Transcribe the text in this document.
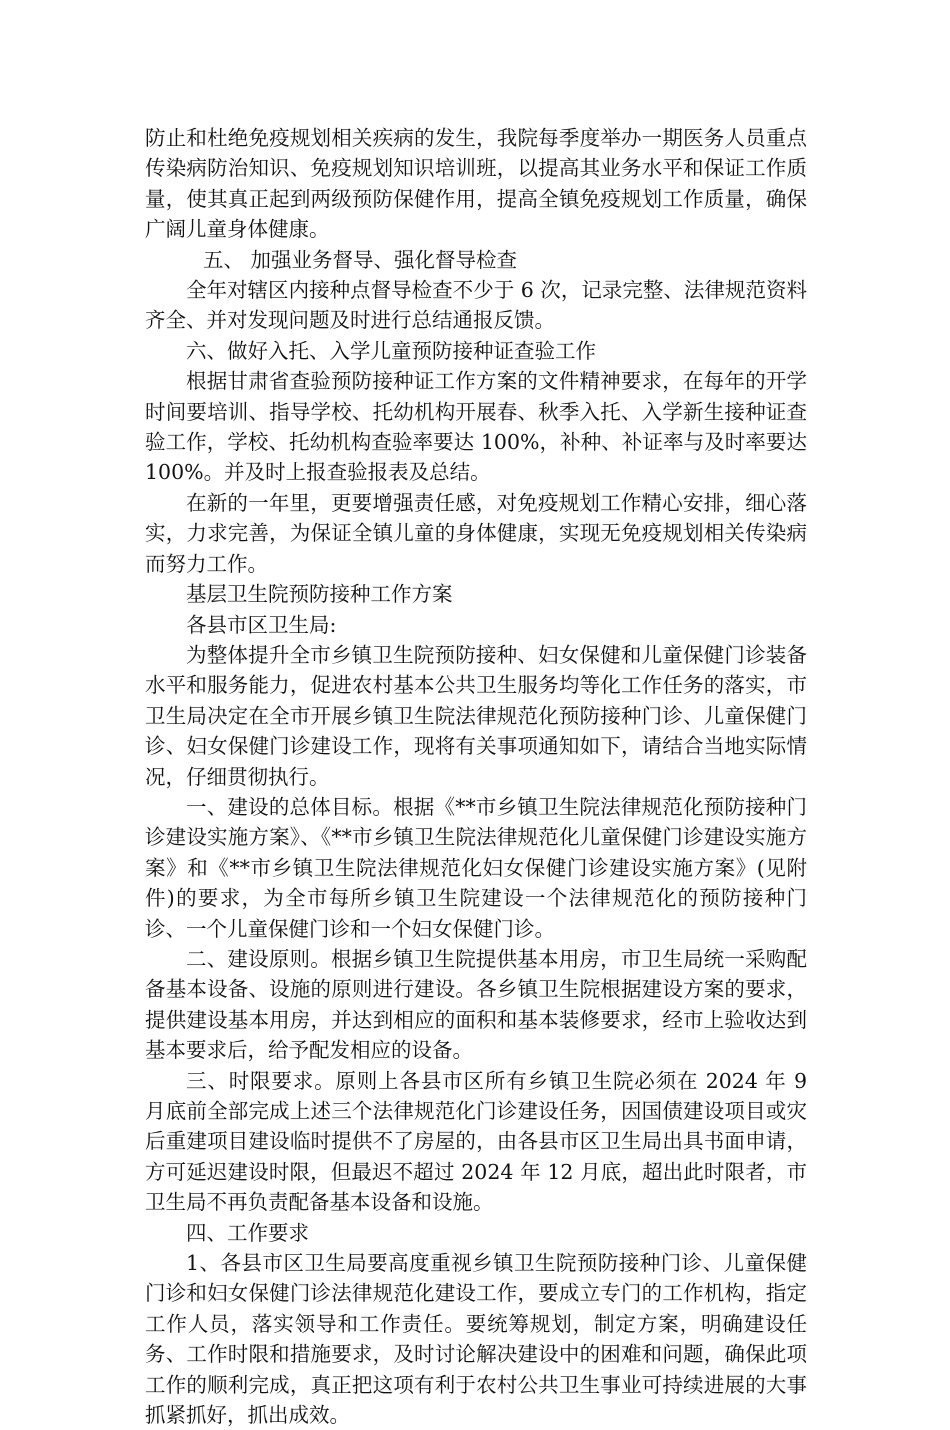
防止和杜绝免疫规划相关疾病的发生，我院每季度举办一期医务人员重点传染病防治知识、免疫规划知识培训班，以提高其业务水平和保证工作质量，使其真正起到两级预防保健作用，提高全镇免疫规划工作质量，确保广阔儿童身体健康。

五、 加强业务督导、强化督导检查

全年对辖区内接种点督导检查不少于 6 次，记录完整、法律规范资料齐全、并对发现问题及时进行总结通报反馈。

六、做好入托、入学儿童预防接种证查验工作

根据甘肃省查验预防接种证工作方案的文件精神要求，在每年的开学时间要培训、指导学校、托幼机构开展春、秋季入托、入学新生接种证查验工作，学校、托幼机构查验率要达 100%，补种、补证率与及时率要达 100%。并及时上报查验报表及总结。

在新的一年里，更要增强责任感，对免疫规划工作精心安排，细心落实，力求完善，为保证全镇儿童的身体健康，实现无免疫规划相关传染病而努力工作。

基层卫生院预防接种工作方案

各县市区卫生局:

为整体提升全市乡镇卫生院预防接种、妇女保健和儿童保健门诊装备水平和服务能力，促进农村基本公共卫生服务均等化工作任务的落实，市卫生局决定在全市开展乡镇卫生院法律规范化预防接种门诊、儿童保健门诊、妇女保健门诊建设工作，现将有关事项通知如下，请结合当地实际情况，仔细贯彻执行。

一、建设的总体目标。根据《**市乡镇卫生院法律规范化预防接种门诊建设实施方案》、《**市乡镇卫生院法律规范化儿童保健门诊建设实施方案》和《**市乡镇卫生院法律规范化妇女保健门诊建设实施方案》(见附件)的要求，为全市每所乡镇卫生院建设一个法律规范化的预防接种门诊、一个儿童保健门诊和一个妇女保健门诊。

二、建设原则。根据乡镇卫生院提供基本用房，市卫生局统一采购配备基本设备、设施的原则进行建设。各乡镇卫生院根据建设方案的要求，提供建设基本用房，并达到相应的面积和基本装修要求，经市上验收达到基本要求后，给予配发相应的设备。

三、时限要求。原则上各县市区所有乡镇卫生院必须在 2024 年 9 月底前全部完成上述三个法律规范化门诊建设任务，因国债建设项目或灾后重建项目建设临时提供不了房屋的，由各县市区卫生局出具书面申请，方可延迟建设时限，但最迟不超过 2024 年 12 月底，超出此时限者，市卫生局不再负责配备基本设备和设施。

四、工作要求

1、各县市区卫生局要高度重视乡镇卫生院预防接种门诊、儿童保健门诊和妇女保健门诊法律规范化建设工作，要成立专门的工作机构，指定工作人员，落实领导和工作责任。要统筹规划，制定方案，明确建设任务、工作时限和措施要求，及时讨论解决建设中的困难和问题，确保此项工作的顺利完成，真正把这项有利于农村公共卫生事业可持续进展的大事抓紧抓好，抓出成效。
